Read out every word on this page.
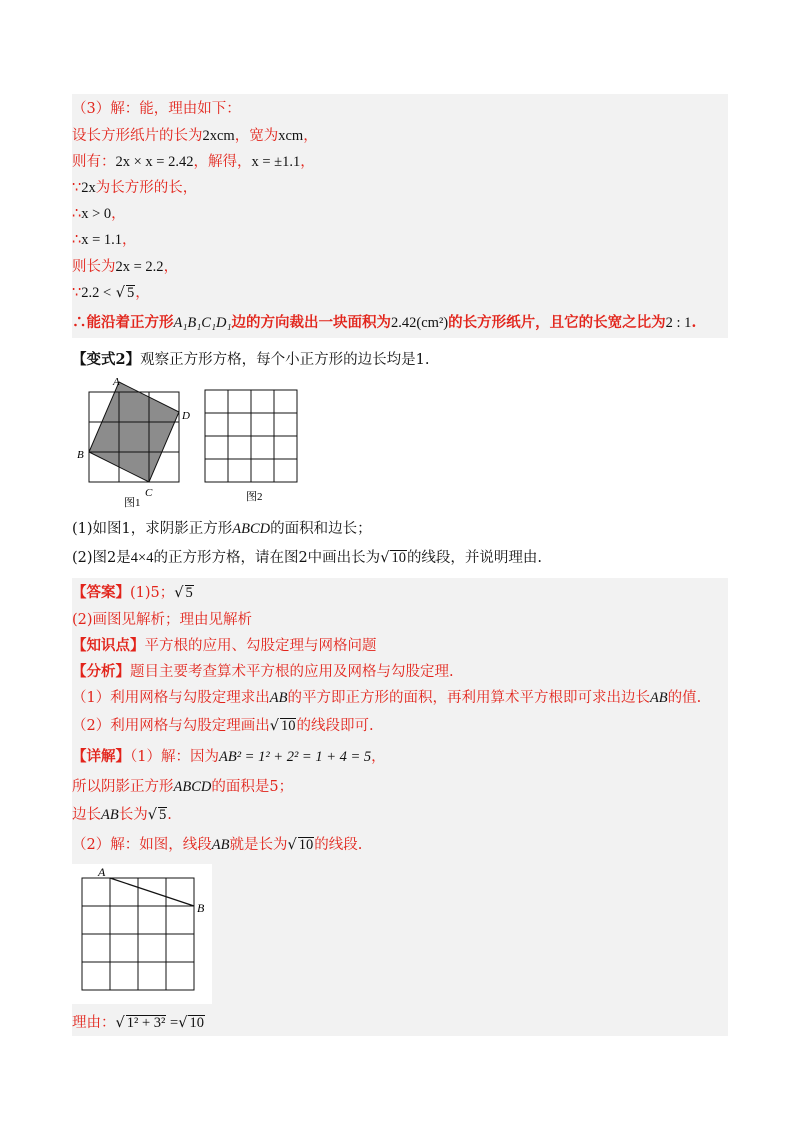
（3）解：能，理由如下：
设长方形纸片的长为2xcm，宽为xcm，
则有：2x × x = 2.42，解得，x = ±1.1，
∵2x为长方形的长，
∴x > 0，
∴x = 1.1，
则长为2x = 2.2，
∵2.2 < √ 5，
∴能沿着正方形A₁B₁C₁D₁边的方向裁出一块面积为2.42(cm²)的长方形纸片，且它的长宽之比为2 : 1.
【变式2】观察正方形方格，每个小正方形的边长均是1.
A
D
B
C
图1	图2
(1)如图1，求阴影正方形ABCD的面积和边长；
(2)图2是4×4的正方形方格，请在图2中画出长为√ 10的线段，并说明理由.
【答案】(1)5；√ 5
(2)画图见解析；理由见解析
【知识点】平方根的应用、勾股定理与网格问题
【分析】题目主要考查算术平方根的应用及网格与勾股定理.
（1）利用网格与勾股定理求出AB的平方即正方形的面积，再利用算术平方根即可求出边长AB的值.
（2）利用网格与勾股定理画出√ 10的线段即可.
【详解】（1）解：因为AB² = 1² + 2² = 1 + 4 = 5，
所以阴影正方形ABCD的面积是5；
边长AB长为√ 5.
（2）解：如图，线段AB就是长为√ 10的线段.
A
B
理由：√ 1² + 3² =√ 10
